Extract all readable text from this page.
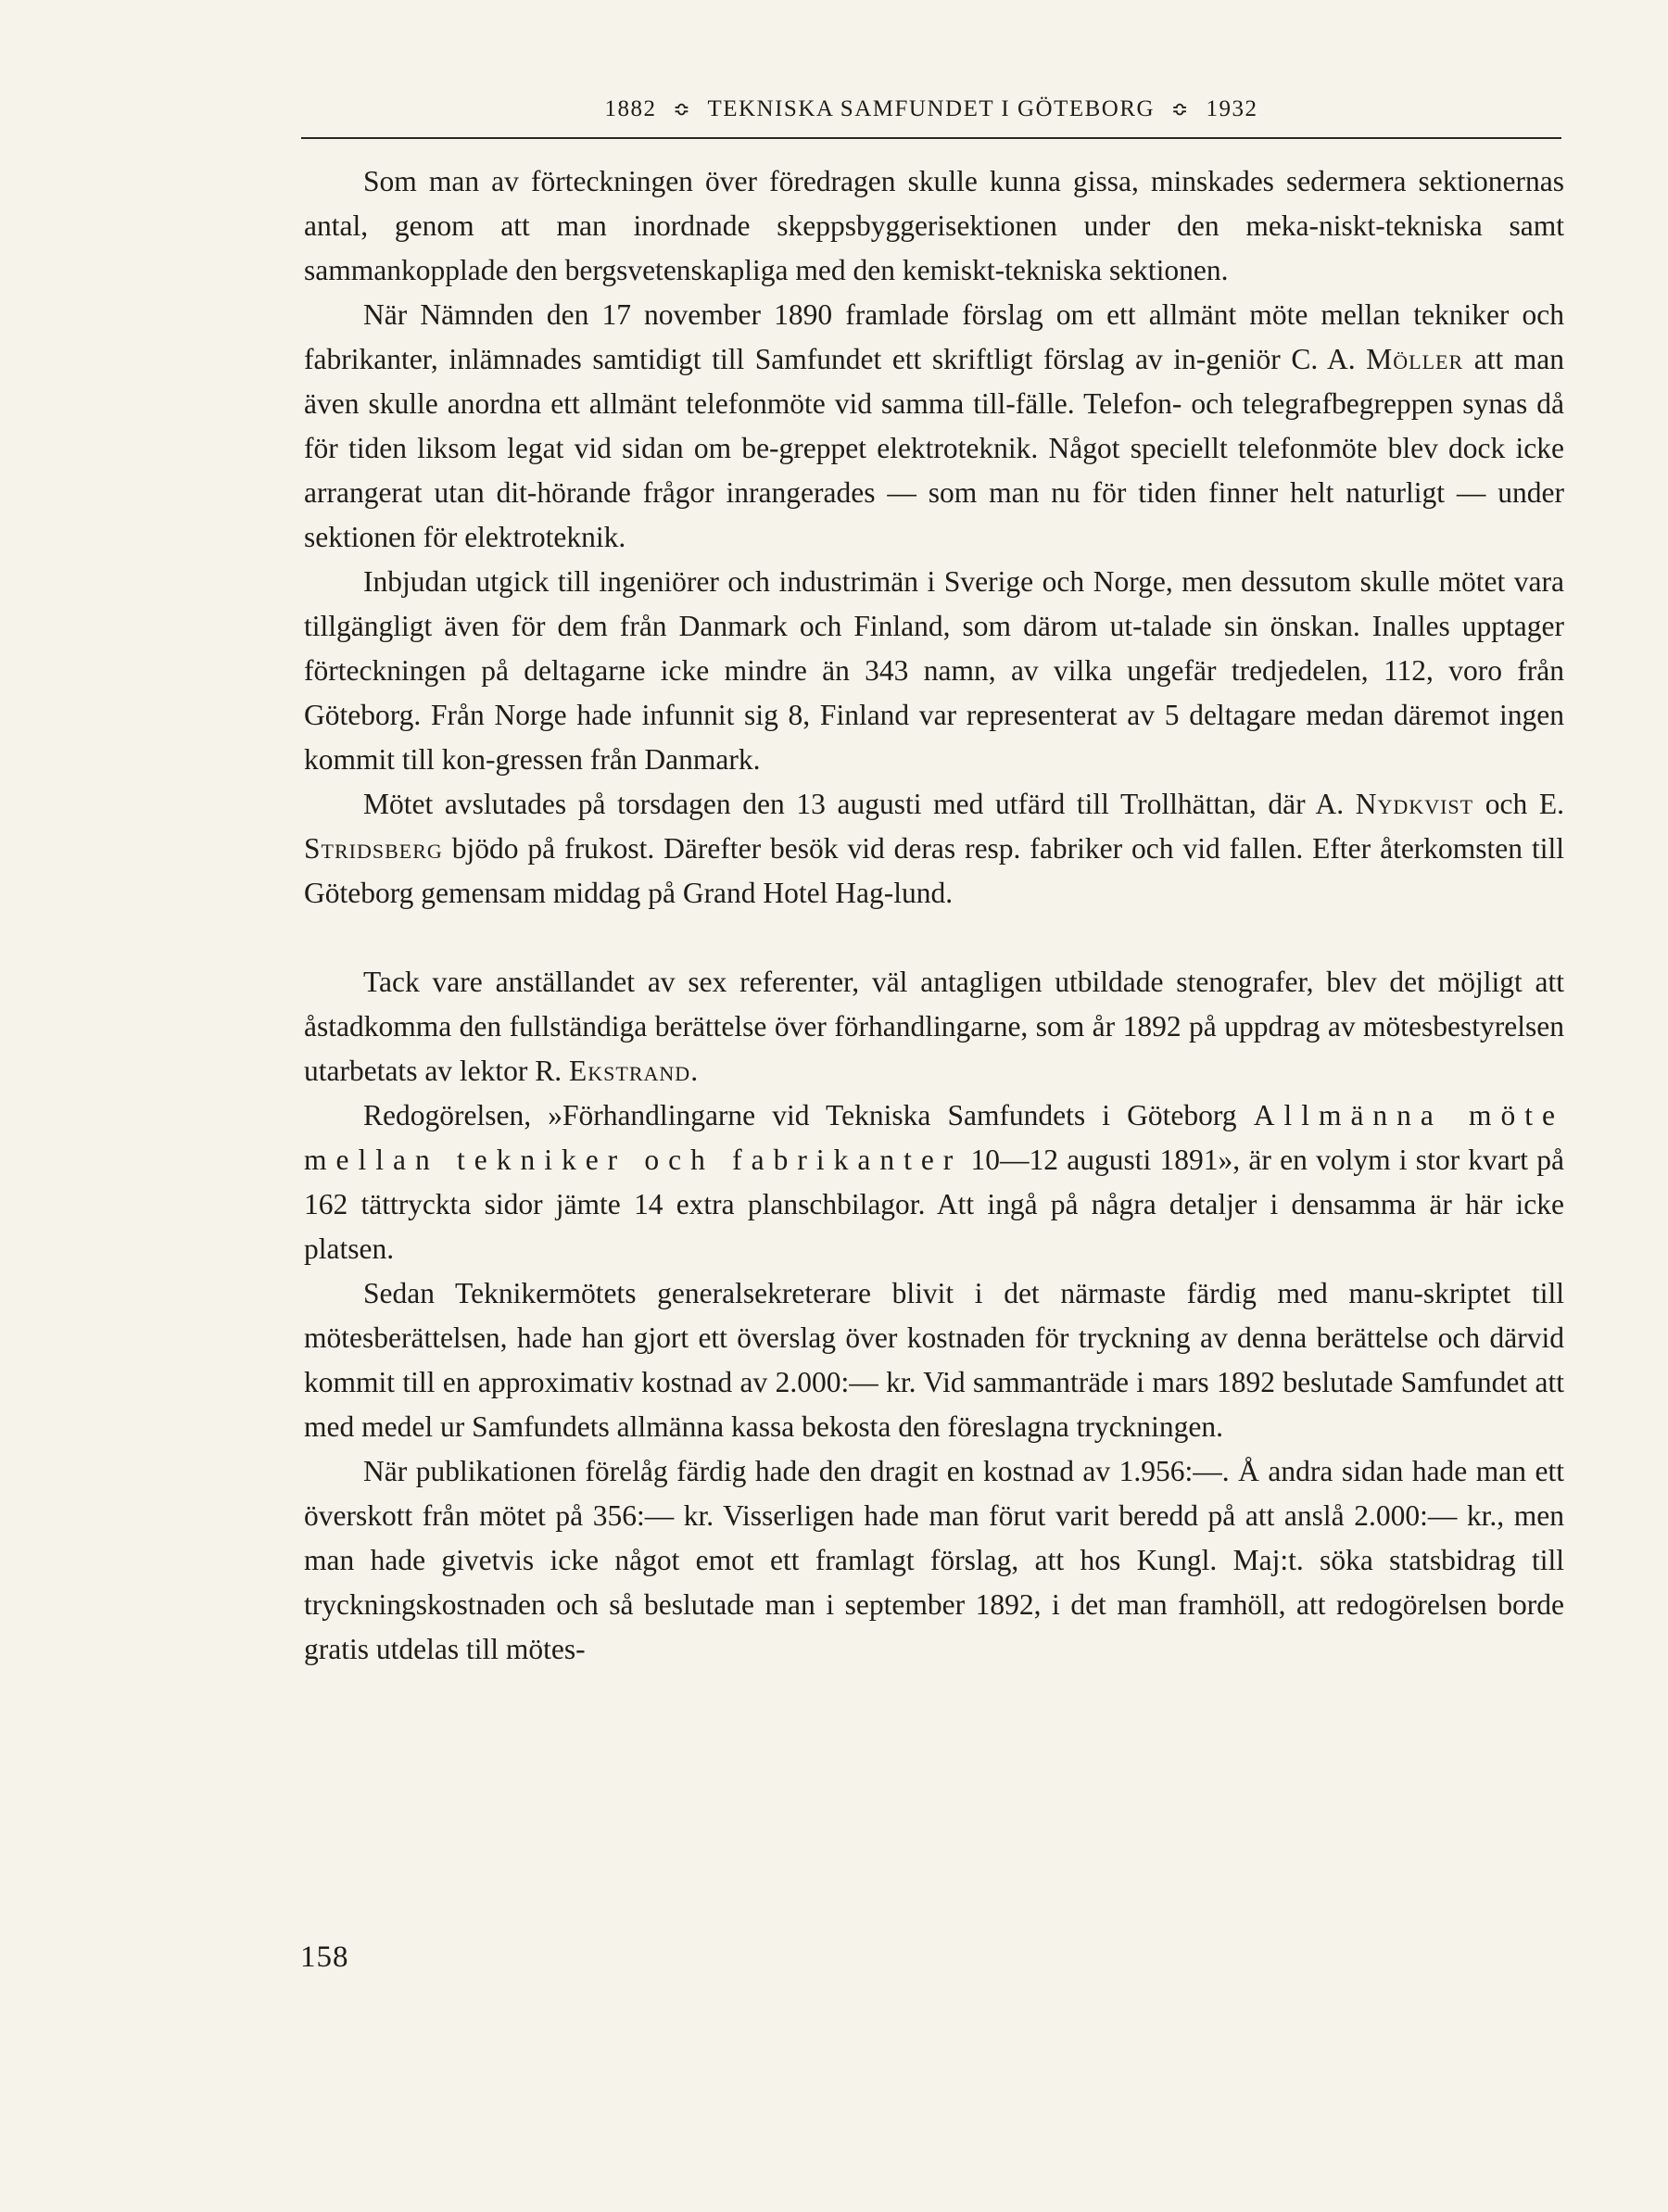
1882 ≎ TEKNISKA SAMFUNDET I GÖTEBORG ≎ 1932

Som man av förteckningen över föredragen skulle kunna gissa, minskades sedermera sektionernas antal, genom att man inordnade skeppsbyggerisektionen under den meka-niskt-tekniska samt sammankopplade den bergsvetenskapliga med den kemiskt-tekniska sektionen.

När Nämnden den 17 november 1890 framlade förslag om ett allmänt möte mellan tekniker och fabrikanter, inlämnades samtidigt till Samfundet ett skriftligt förslag av in-geniör C. A. Möller att man även skulle anordna ett allmänt telefonmöte vid samma till-fälle. Telefon- och telegrafbegreppen synas då för tiden liksom legat vid sidan om be-greppet elektroteknik. Något speciellt telefonmöte blev dock icke arrangerat utan dit-hörande frågor inrangerades — som man nu för tiden finner helt naturligt — under sektionen för elektroteknik.

Inbjudan utgick till ingeniörer och industrimän i Sverige och Norge, men dessutom skulle mötet vara tillgängligt även för dem från Danmark och Finland, som därom ut-talade sin önskan. Inalles upptager förteckningen på deltagarne icke mindre än 343 namn, av vilka ungefär tredjedelen, 112, voro från Göteborg. Från Norge hade infunnit sig 8, Finland var representerat av 5 deltagare medan däremot ingen kommit till kon-gressen från Danmark.

Mötet avslutades på torsdagen den 13 augusti med utfärd till Trollhättan, där A. Nydkvist och E. Stridsberg bjödo på frukost. Därefter besök vid deras resp. fabriker och vid fallen. Efter återkomsten till Göteborg gemensam middag på Grand Hotel Hag-lund.

Tack vare anställandet av sex referenter, väl antagligen utbildade stenografer, blev det möjligt att åstadkomma den fullständiga berättelse över förhandlingarne, som år 1892 på uppdrag av mötesbestyrelsen utarbetats av lektor R. Ekstrand.

Redogörelsen, »Förhandlingarne vid Tekniska Samfundets i Göteborg Allmänna möte mellan tekniker och fabrikanter 10—12 augusti 1891», är en volym i stor kvart på 162 tättryckta sidor jämte 14 extra planschbilagor. Att ingå på några detaljer i densamma är här icke platsen.

Sedan Teknikermötets generalsekreterare blivit i det närmaste färdig med manu-skriptet till mötesberättelsen, hade han gjort ett överslag över kostnaden för tryckning av denna berättelse och därvid kommit till en approximativ kostnad av 2.000:— kr. Vid sammanträde i mars 1892 beslutade Samfundet att med medel ur Samfundets allmänna kassa bekosta den föreslagna tryckningen.

När publikationen förelåg färdig hade den dragit en kostnad av 1.956:—. Å andra sidan hade man ett överskott från mötet på 356:— kr. Visserligen hade man förut varit beredd på att anslå 2.000:— kr., men man hade givetvis icke något emot ett framlagt förslag, att hos Kungl. Maj:t. söka statsbidrag till tryckningskostnaden och så beslutade man i september 1892, i det man framhöll, att redogörelsen borde gratis utdelas till mötes-

158
